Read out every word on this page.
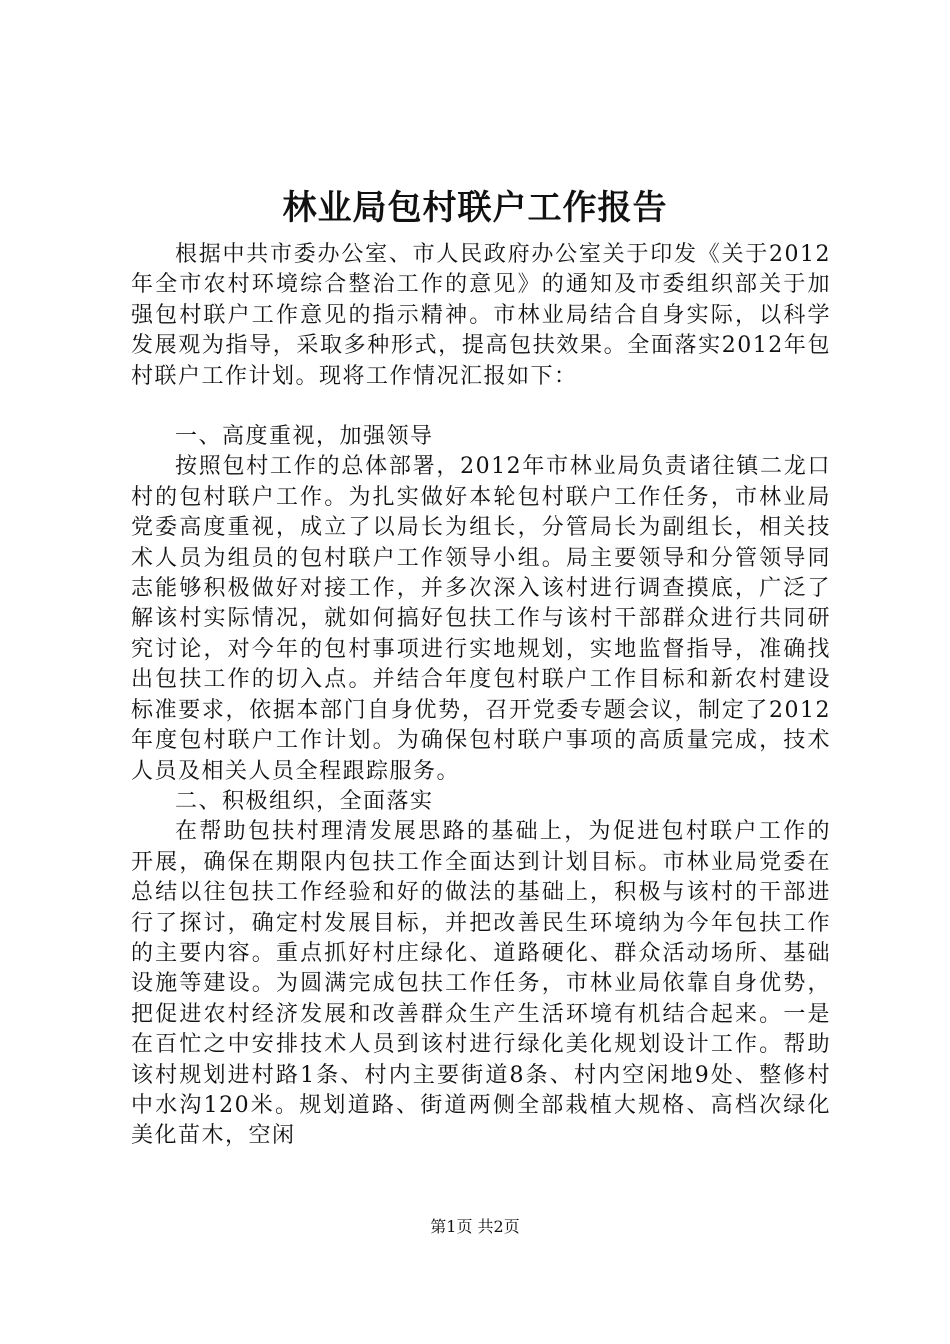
林业局包村联户工作报告

根据中共市委办公室、市人民政府办公室关于印发《关于2012年全市农村环境综合整治工作的意见》的通知及市委组织部关于加强包村联户工作意见的指示精神。市林业局结合自身实际，以科学发展观为指导，采取多种形式，提高包扶效果。全面落实2012年包村联户工作计划。现将工作情况汇报如下：

一、高度重视，加强领导

按照包村工作的总体部署，2012年市林业局负责诸往镇二龙口村的包村联户工作。为扎实做好本轮包村联户工作任务，市林业局党委高度重视，成立了以局长为组长，分管局长为副组长，相关技术人员为组员的包村联户工作领导小组。局主要领导和分管领导同志能够积极做好对接工作，并多次深入该村进行调查摸底，广泛了解该村实际情况，就如何搞好包扶工作与该村干部群众进行共同研究讨论，对今年的包村事项进行实地规划，实地监督指导，准确找出包扶工作的切入点。并结合年度包村联户工作目标和新农村建设标准要求，依据本部门自身优势，召开党委专题会议，制定了2012年度包村联户工作计划。为确保包村联户事项的高质量完成，技术人员及相关人员全程跟踪服务。

二、积极组织，全面落实

在帮助包扶村理清发展思路的基础上，为促进包村联户工作的开展，确保在期限内包扶工作全面达到计划目标。市林业局党委在总结以往包扶工作经验和好的做法的基础上，积极与该村的干部进行了探讨，确定村发展目标，并把改善民生环境纳为今年包扶工作的主要内容。重点抓好村庄绿化、道路硬化、群众活动场所、基础设施等建设。为圆满完成包扶工作任务，市林业局依靠自身优势，把促进农村经济发展和改善群众生产生活环境有机结合起来。一是在百忙之中安排技术人员到该村进行绿化美化规划设计工作。帮助该村规划进村路1条、村内主要街道8条、村内空闲地9处、整修村中水沟120米。规划道路、街道两侧全部栽植大规格、高档次绿化美化苗木，空闲

第1页 共2页
